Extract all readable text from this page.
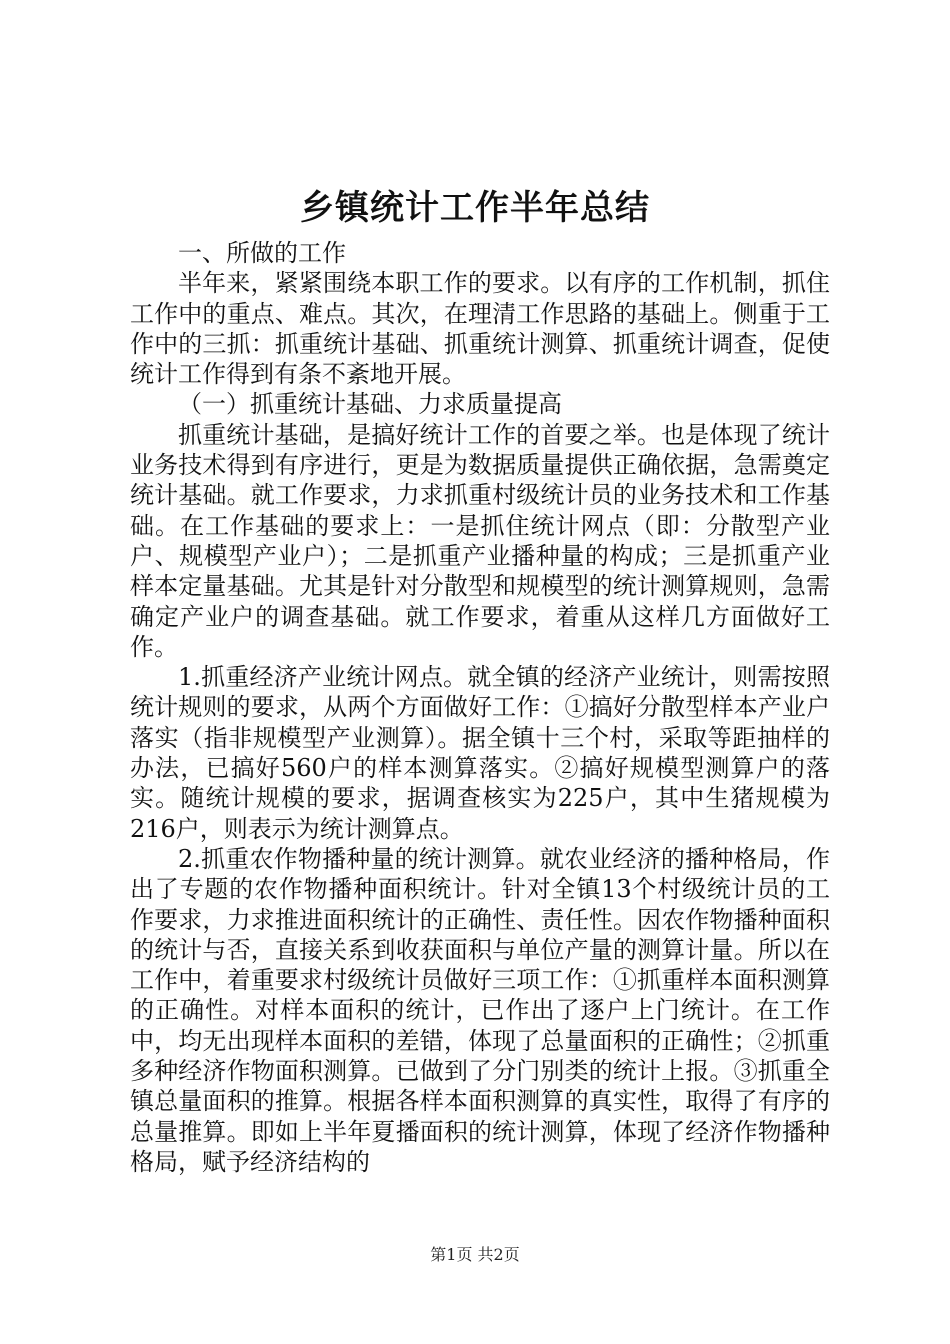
乡镇统计工作半年总结

一、所做的工作

半年来，紧紧围绕本职工作的要求。以有序的工作机制，抓住工作中的重点、难点。其次，在理清工作思路的基础上。侧重于工作中的三抓：抓重统计基础、抓重统计测算、抓重统计调查，促使统计工作得到有条不紊地开展。

（一）抓重统计基础、力求质量提高

抓重统计基础，是搞好统计工作的首要之举。也是体现了统计业务技术得到有序进行，更是为数据质量提供正确依据，急需奠定统计基础。就工作要求，力求抓重村级统计员的业务技术和工作基础。在工作基础的要求上：一是抓住统计网点（即：分散型产业户、规模型产业户）；二是抓重产业播种量的构成；三是抓重产业样本定量基础。尤其是针对分散型和规模型的统计测算规则，急需确定产业户的调查基础。就工作要求，着重从这样几方面做好工作。

1.抓重经济产业统计网点。就全镇的经济产业统计，则需按照统计规则的要求，从两个方面做好工作：①搞好分散型样本产业户落实（指非规模型产业测算）。据全镇十三个村，采取等距抽样的办法，已搞好560户的样本测算落实。②搞好规模型测算户的落实。随统计规模的要求，据调查核实为225户，其中生猪规模为216户，则表示为统计测算点。

2.抓重农作物播种量的统计测算。就农业经济的播种格局，作出了专题的农作物播种面积统计。针对全镇13个村级统计员的工作要求，力求推进面积统计的正确性、责任性。因农作物播种面积的统计与否，直接关系到收获面积与单位产量的测算计量。所以在工作中，着重要求村级统计员做好三项工作：①抓重样本面积测算的正确性。对样本面积的统计，已作出了逐户上门统计。在工作中，均无出现样本面积的差错，体现了总量面积的正确性；②抓重多种经济作物面积测算。已做到了分门别类的统计上报。③抓重全镇总量面积的推算。根据各样本面积测算的真实性，取得了有序的总量推算。即如上半年夏播面积的统计测算，体现了经济作物播种格局，赋予经济结构的

第1页 共2页
